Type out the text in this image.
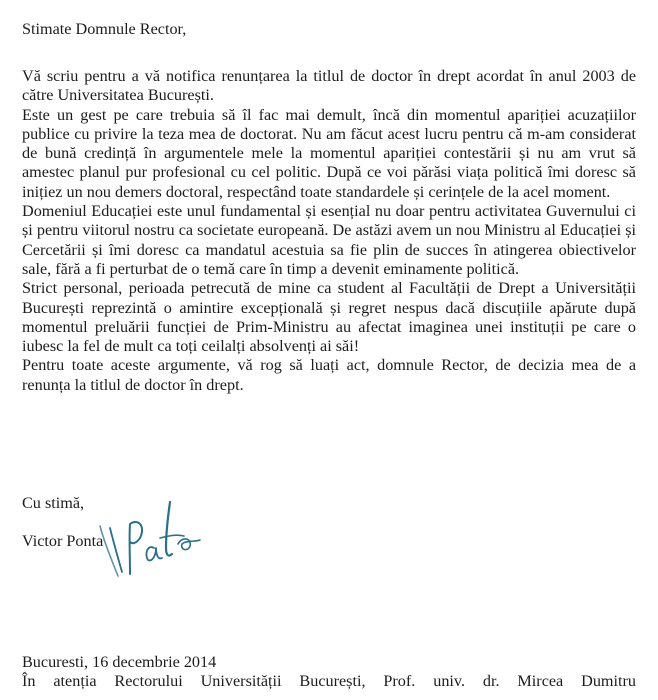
Stimate Domnule Rector,

Vă scriu pentru a vă notifica renunțarea la titlul de doctor în drept acordat în anul 2003 de către Universitatea București.

Este un gest pe care trebuia să îl fac mai demult, încă din momentul apariției acuzațiilor publice cu privire la teza mea de doctorat. Nu am făcut acest lucru pentru că m-am considerat de bună credință în argumentele mele la momentul apariției contestării și nu am vrut să amestec planul pur profesional cu cel politic. După ce voi părăsi viața politică îmi doresc să inițiez un nou demers doctoral, respectând toate standardele și cerințele de la acel moment.

Domeniul Educației este unul fundamental și esențial nu doar pentru activitatea Guvernului ci și pentru viitorul nostru ca societate europeană. De astăzi avem un nou Ministru al Educației și Cercetării și îmi doresc ca mandatul acestuia sa fie plin de succes în atingerea obiectivelor sale, fără a fi perturbat de o temă care în timp a devenit eminamente politică.

Strict personal, perioada petrecută de mine ca student al Facultății de Drept a Universității București reprezintă o amintire excepțională și regret nespus dacă discuțiile apărute după momentul preluării funcției de Prim-Ministru au afectat imaginea unei instituții pe care o iubesc la fel de mult ca toți ceilalți absolvenți ai săi!

Pentru toate aceste argumente, vă rog să luați act, domnule Rector, de decizia mea de a renunța la titlul de doctor în drept.

Cu stimă,
Victor Ponta
Bucuresti, 16 decembrie 2014
În atenția Rectorului Universității București, Prof. univ. dr. Mircea Dumitru
